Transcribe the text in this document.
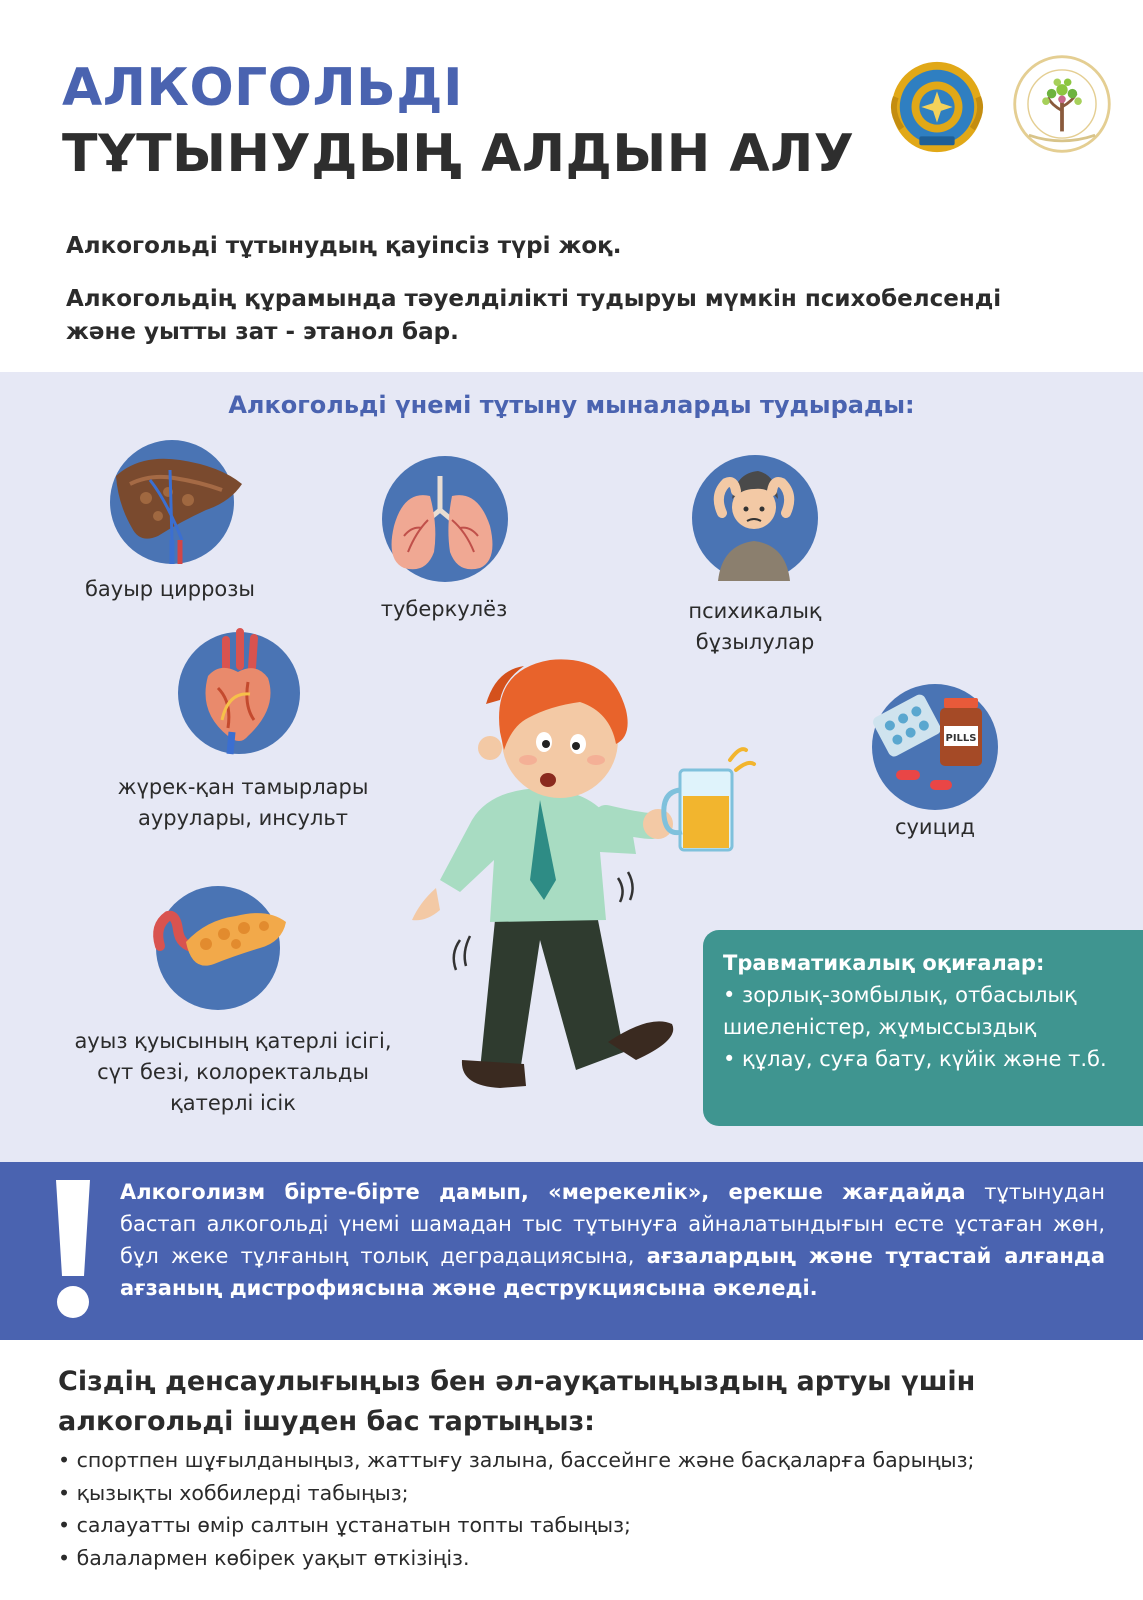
АЛКОГОЛЬДІ
ТҰТЫНУДЫҢ АЛДЫН АЛУ
Алкогольді тұтынудың қауіпсіз түрі жоқ.
Алкогольдің құрамында тәуелділікті тудыруы мүмкін психобелсенді және уытты зат - этанол бар.
Алкогольді үнемі тұтыну мыналарды тудырады:
бауыр циррозы
туберкулёз	психикалық
бұзылулар
жүрек-қан тамырлары
аурулары, инсульт
PILLS
суицид
ауыз қуысының қатерлі ісігі,
сүт безі, колоректальды
қатерлі ісік
Травматикалық оқиғалар:
• зорлық-зомбылық, отбасылық шиеленістер, жұмыссыздық
• құлау, суға бату, күйік және т.б.
Алкоголизм бірте-бірте дамып, «мерекелік», ерекше жағдайда тұтынудан бастап алкогольді үнемі шамадан тыс тұтынуға айналатындығын есте ұстаған жөн, бұл жеке тұлғаның толық деградациясына, ағзалардың және тұтастай алғанда ағзаның дистрофиясына және деструкциясына әкеледі.
Сіздің денсаулығыңыз бен әл-ауқатыңыздың артуы үшін алкогольді ішуден бас тартыңыз:
• спортпен шұғылданыңыз, жаттығу залына, бассейнге және басқаларға барыңыз;
• қызықты хоббилерді табыңыз;
• салауатты өмір салтын ұстанатын топты табыңыз;
• балалармен көбірек уақыт өткізіңіз.
